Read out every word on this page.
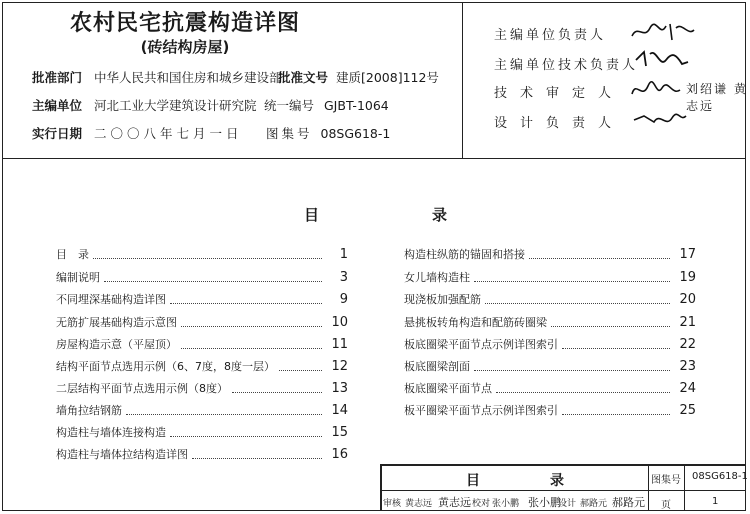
农村民宅抗震构造详图
(砖结构房屋)
批准部门 中华人民共和国住房和城乡建设部
批准文号 建质[2008]112号
主编单位 河北工业大学建筑设计研究院 统一编号 GJBT-1064
实行日期 二〇〇八年七月一日 图集号 08SG618-1
主编单位负责人
主编单位技术负责人
技术审定人
设计负责人
刘绍谦 黄志远
目	录
目　录	1
编制说明	3
不同埋深基础构造详图	9
无筋扩展基础构造示意图	10
房屋构造示意（平屋顶）	11
结构平面节点选用示例（6、7度，8度一层）	12
二层结构平面节点选用示例（8度）	13
墙角拉结钢筋	14
构造柱与墙体连接构造	15
构造柱与墙体拉结构造详图	16
构造柱纵筋的锚固和搭接	17
女儿墙构造柱	19
现浇板加强配筋	20
悬挑板转角构造和配筋砖圈梁	21
板底圈梁平面节点示例详图索引	22
板底圈梁剖面	23
板底圈梁平面节点	24
板平圈梁平面节点示例详图索引	25
目	录	图集号 08SG618-1
审核 黄志远 黄志远 校对 张小鹏 张小鹏
设计 郝路元 郝路元 页	1
